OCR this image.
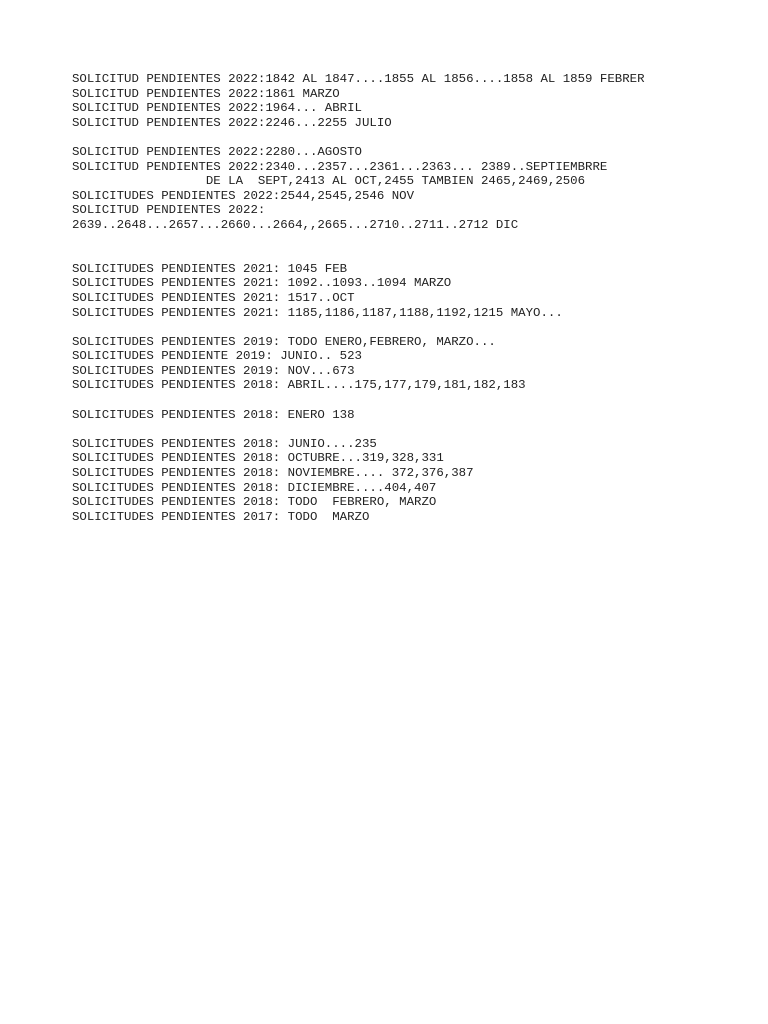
SOLICITUD PENDIENTES 2022:1842 AL 1847....1855 AL 1856....1858 AL 1859 FEBRER
SOLICITUD PENDIENTES 2022:1861 MARZO
SOLICITUD PENDIENTES 2022:1964... ABRIL
SOLICITUD PENDIENTES 2022:2246...2255 JULIO
SOLICITUD PENDIENTES 2022:2280...AGOSTO
SOLICITUD PENDIENTES 2022:2340...2357...2361...2363... 2389..SEPTIEMBRRE
DE LA  SEPT,2413 AL OCT,2455 TAMBIEN 2465,2469,2506
SOLICITUDES PENDIENTES 2022:2544,2545,2546 NOV
SOLICITUD PENDIENTES 2022:
2639..2648...2657...2660...2664,,2665...2710..2711..2712 DIC
SOLICITUDES PENDIENTES 2021: 1045 FEB
SOLICITUDES PENDIENTES 2021: 1092..1093..1094 MARZO
SOLICITUDES PENDIENTES 2021: 1517..OCT
SOLICITUDES PENDIENTES 2021: 1185,1186,1187,1188,1192,1215 MAYO...
SOLICITUDES PENDIENTES 2019: TODO ENERO,FEBRERO, MARZO...
SOLICITUDES PENDIENTE 2019: JUNIO.. 523
SOLICITUDES PENDIENTES 2019: NOV...673
SOLICITUDES PENDIENTES 2018: ABRIL....175,177,179,181,182,183
SOLICITUDES PENDIENTES 2018: ENERO 138
SOLICITUDES PENDIENTES 2018: JUNIO....235
SOLICITUDES PENDIENTES 2018: OCTUBRE...319,328,331
SOLICITUDES PENDIENTES 2018: NOVIEMBRE.... 372,376,387
SOLICITUDES PENDIENTES 2018: DICIEMBRE....404,407
SOLICITUDES PENDIENTES 2018: TODO  FEBRERO, MARZO
SOLICITUDES PENDIENTES 2017: TODO  MARZO
